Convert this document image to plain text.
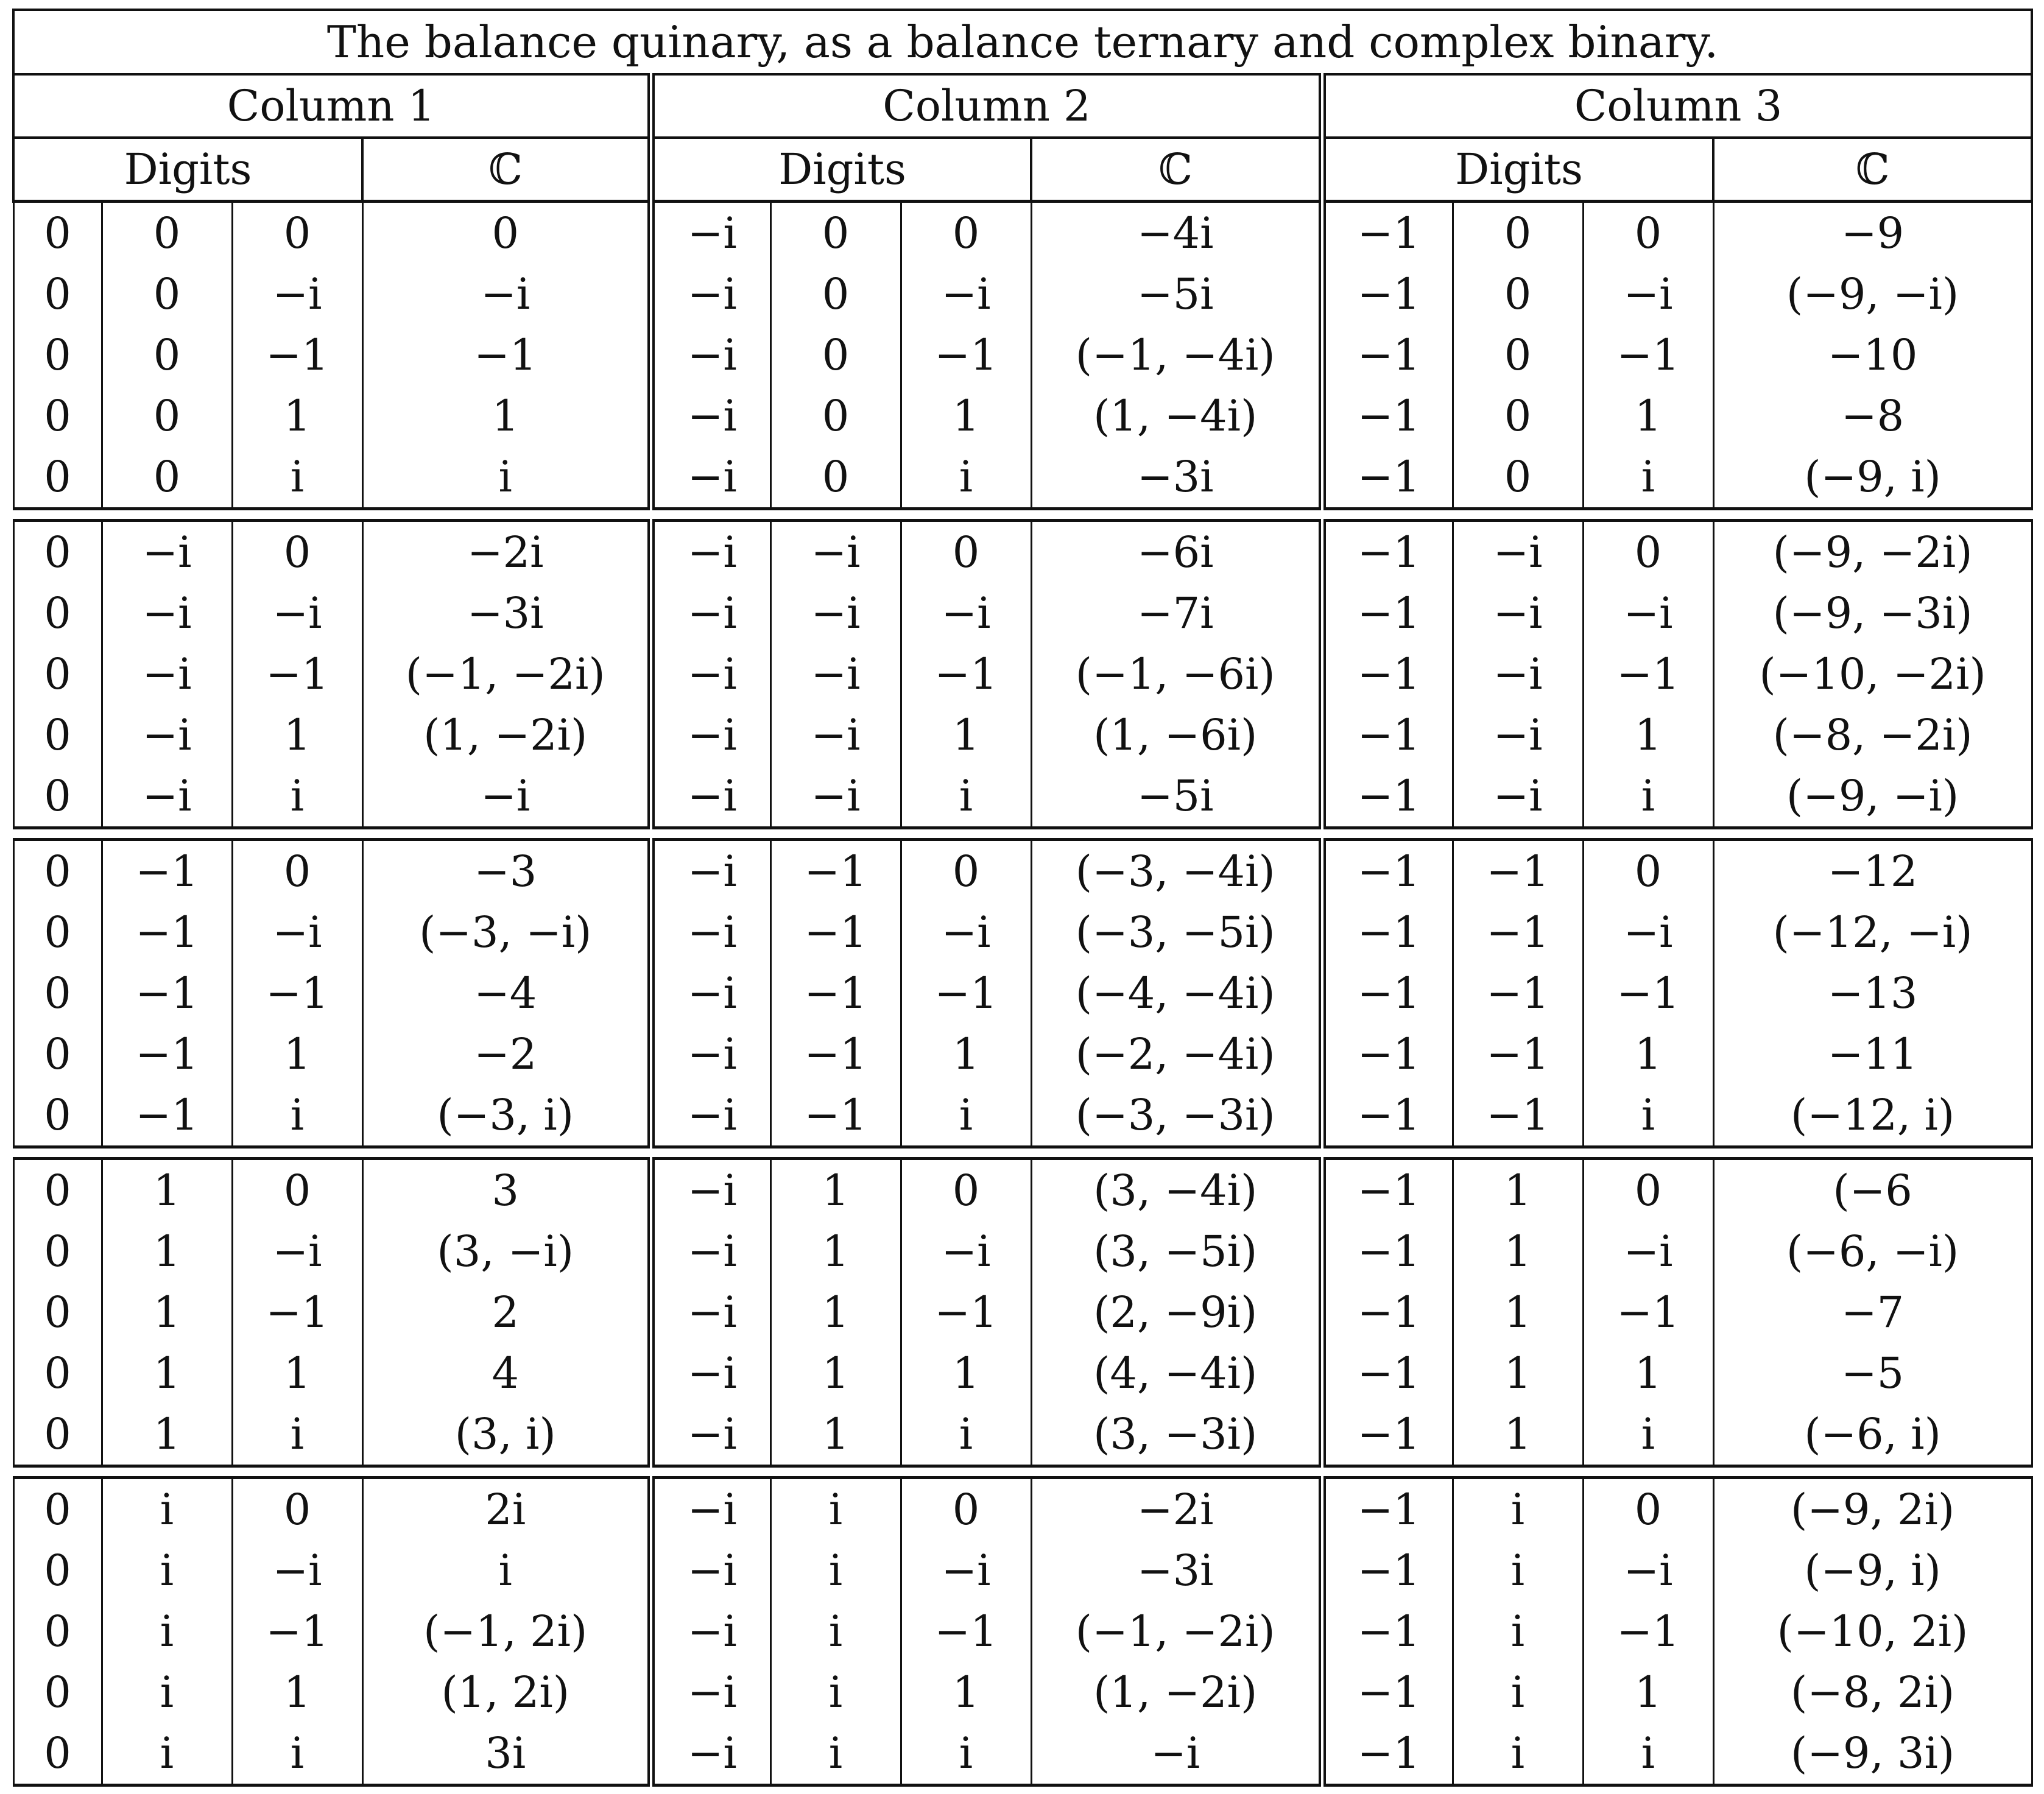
The balance quinary, as a balance ternary and complex binary.											
Column 1				Column 2				Column 3			
Digits			ℂ	Digits			ℂ	Digits			ℂ
0	0	0	0	−i	0	0	−4i	−1	0	0	−9
0	0	−i	−i	−i	0	−i	−5i	−1	0	−i	(−9, −i)
0	0	−1	−1	−i	0	−1	(−1, −4i)	−1	0	−1	−10
0	0	1	1	−i	0	1	(1, −4i)	−1	0	1	−8
0	0	i	i	−i	0	i	−3i	−1	0	i	(−9, i)

0	−i	0	−2i	−i	−i	0	−6i	−1	−i	0	(−9, −2i)
0	−i	−i	−3i	−i	−i	−i	−7i	−1	−i	−i	(−9, −3i)
0	−i	−1	(−1, −2i)	−i	−i	−1	(−1, −6i)	−1	−i	−1	(−10, −2i)
0	−i	1	(1, −2i)	−i	−i	1	(1, −6i)	−1	−i	1	(−8, −2i)
0	−i	i	−i	−i	−i	i	−5i	−1	−i	i	(−9, −i)

0	−1	0	−3	−i	−1	0	(−3, −4i)	−1	−1	0	−12
0	−1	−i	(−3, −i)	−i	−1	−i	(−3, −5i)	−1	−1	−i	(−12, −i)
0	−1	−1	−4	−i	−1	−1	(−4, −4i)	−1	−1	−1	−13
0	−1	1	−2	−i	−1	1	(−2, −4i)	−1	−1	1	−11
0	−1	i	(−3, i)	−i	−1	i	(−3, −3i)	−1	−1	i	(−12, i)

0	1	0	3	−i	1	0	(3, −4i)	−1	1	0	(−6
0	1	−i	(3, −i)	−i	1	−i	(3, −5i)	−1	1	−i	(−6, −i)
0	1	−1	2	−i	1	−1	(2, −9i)	−1	1	−1	−7
0	1	1	4	−i	1	1	(4, −4i)	−1	1	1	−5
0	1	i	(3, i)	−i	1	i	(3, −3i)	−1	1	i	(−6, i)

0	i	0	2i	−i	i	0	−2i	−1	i	0	(−9, 2i)
0	i	−i	i	−i	i	−i	−3i	−1	i	−i	(−9, i)
0	i	−1	(−1, 2i)	−i	i	−1	(−1, −2i)	−1	i	−1	(−10, 2i)
0	i	1	(1, 2i)	−i	i	1	(1, −2i)	−1	i	1	(−8, 2i)
0	i	i	3i	−i	i	i	−i	−1	i	i	(−9, 3i)
